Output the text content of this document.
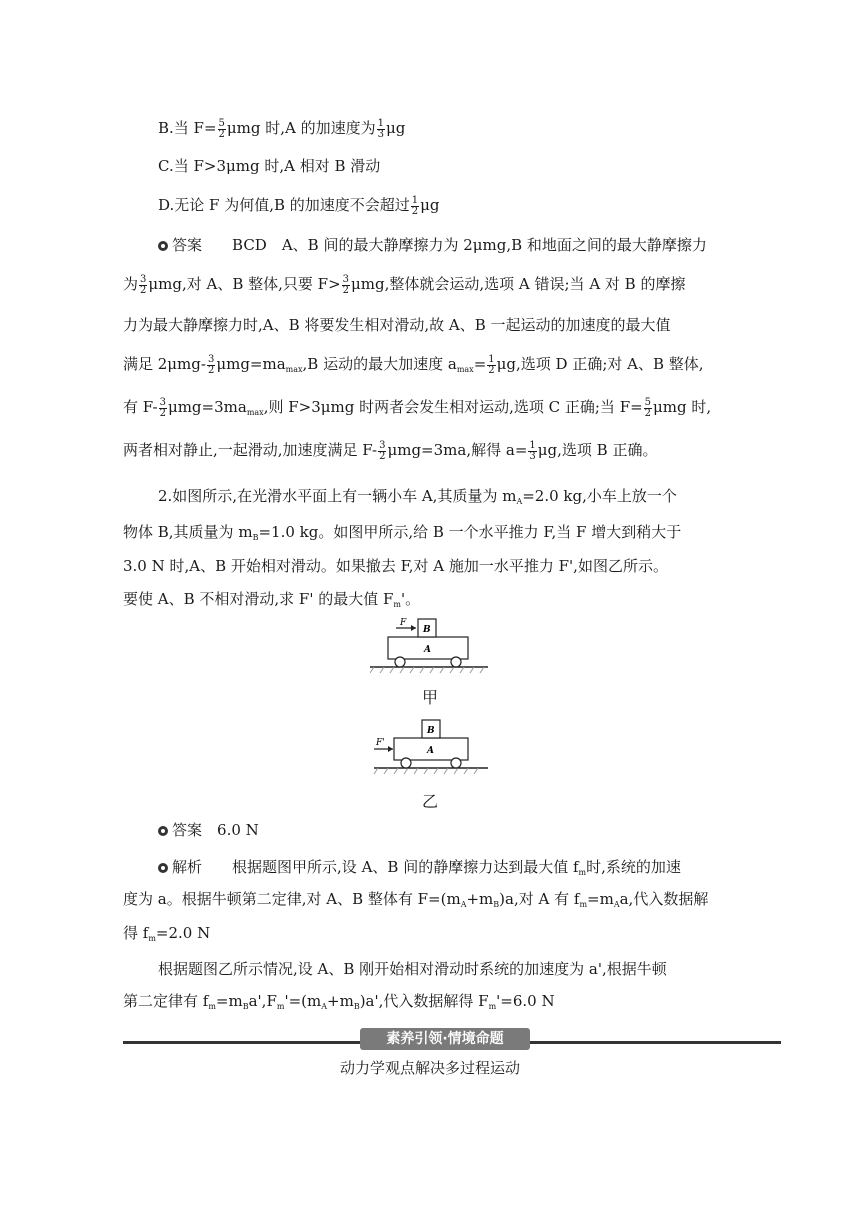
B.当 $F= \frac{5}{2}$ μmg 时,A 的加速度为 $\frac{1}{3}$ μg
C.当 F>3μmg 时,A 相对 B 滑动
D.无论 F 为何值,B 的加速度不会超过 $\frac{1}{2}$ μg
答案　　 BCD　A、B 间的最大静摩擦力为 2μmg,B 和地面之间的最大静摩擦力
为 $\frac{3}{2} \mu mg$,对 A、B 整体,只要 $F> \frac{3}{2} \mu mg$,整体就会运动,选项 A 错误;当 A 对 B 的摩擦
力为最大静摩擦力时,A、B 将要发生相对滑动,故 A、B 一起运动的加速度的最大值
满足 $2\mu mg- \frac{3}{2} \mu mg=ma_{max},B$ 运动的最大加速度 $a_{max}= \frac{1}{2} \mu g$,选项 D 正确;对 A、B 整体,
有 $F- \frac{3}{2} \mu mg=3ma_{max}$,则 F>3μmg 时两者会发生相对运动,选项 C 正确;当 $F= \frac{5}{2}$ μmg 时,
两者相对静止,一起滑动,加速度满足 $F- \frac{3}{2} \mu mg=3ma$,解得 $a= \frac{1}{3} \mu g$,选项 B 正确。
2.如图所示,在光滑水平面上有一辆小车 A,其质量为 $m_A=2.0$ kg,小车上放一个
物体 B,其质量为 $m_B=1.0$ kg。如图甲所示,给 B 一个水平推力 F,当 F 增大到稍大于
3.0 N 时,A、B 开始相对滑动。如果撤去 F,对 A 施加一水平推力 F',如图乙所示。
要使 A、B 不相对滑动,求 F' 的最大值 $F_m'$。
F
B
A
甲
F'
B
A
乙
答案　 6.0 N
解析　　 根据题图甲所示,设 A、B 间的静摩擦力达到最大值 $f_m$时,系统的加速
度为 a。根据牛顿第二定律,对 A、B 整体有 $F=(m_A+m_B)a$,对 A 有 $f_m=m_Aa$,代入数据解
得 $f_m=2.0$ N
根据题图乙所示情况,设 A、B 刚开始相对滑动时系统的加速度为 a',根据牛顿
第二定律有 $f_m=m_Ba',F_m'=(m_A+m_B)a'$,代入数据解得 $F_m'=6.0$ N
素养引领·情境命题
动力学观点解决多过程运动
